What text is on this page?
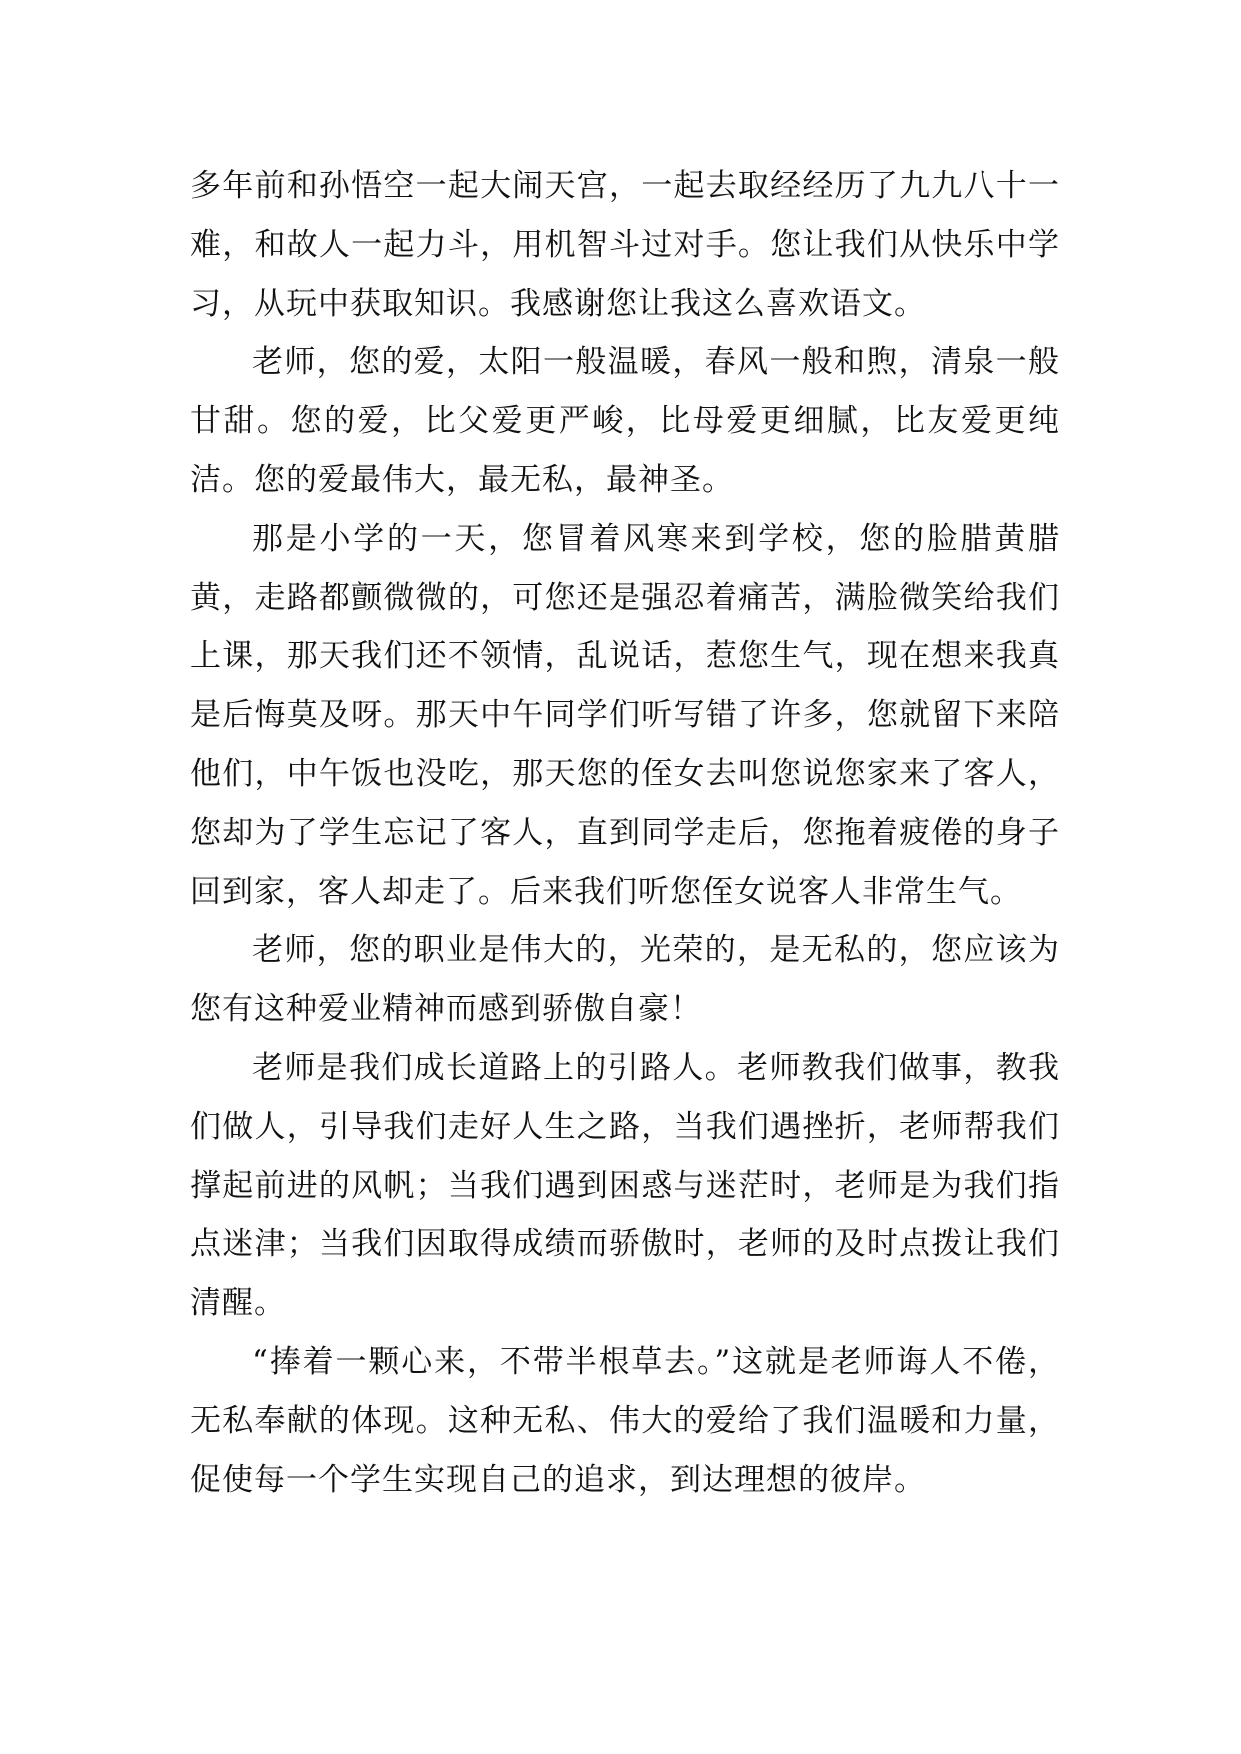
多年前和孙悟空一起大闹天宫，一起去取经经历了九九八十一难，和故人一起力斗，用机智斗过对手。您让我们从快乐中学习，从玩中获取知识。我感谢您让我这么喜欢语文。

老师，您的爱，太阳一般温暖，春风一般和煦，清泉一般甘甜。您的爱，比父爱更严峻，比母爱更细腻，比友爱更纯洁。您的爱最伟大，最无私，最神圣。

那是小学的一天，您冒着风寒来到学校，您的脸腊黄腊黄，走路都颤微微的，可您还是强忍着痛苦，满脸微笑给我们上课，那天我们还不领情，乱说话，惹您生气，现在想来我真是后悔莫及呀。那天中午同学们听写错了许多，您就留下来陪他们，中午饭也没吃，那天您的侄女去叫您说您家来了客人，您却为了学生忘记了客人，直到同学走后，您拖着疲倦的身子回到家，客人却走了。后来我们听您侄女说客人非常生气。

老师，您的职业是伟大的，光荣的，是无私的，您应该为您有这种爱业精神而感到骄傲自豪！

老师是我们成长道路上的引路人。老师教我们做事，教我们做人，引导我们走好人生之路，当我们遇挫折，老师帮我们撑起前进的风帆；当我们遇到困惑与迷茫时，老师是为我们指点迷津；当我们因取得成绩而骄傲时，老师的及时点拨让我们清醒。

“捧着一颗心来，不带半根草去。”这就是老师诲人不倦，无私奉献的体现。这种无私、伟大的爱给了我们温暖和力量，促使每一个学生实现自己的追求，到达理想的彼岸。
